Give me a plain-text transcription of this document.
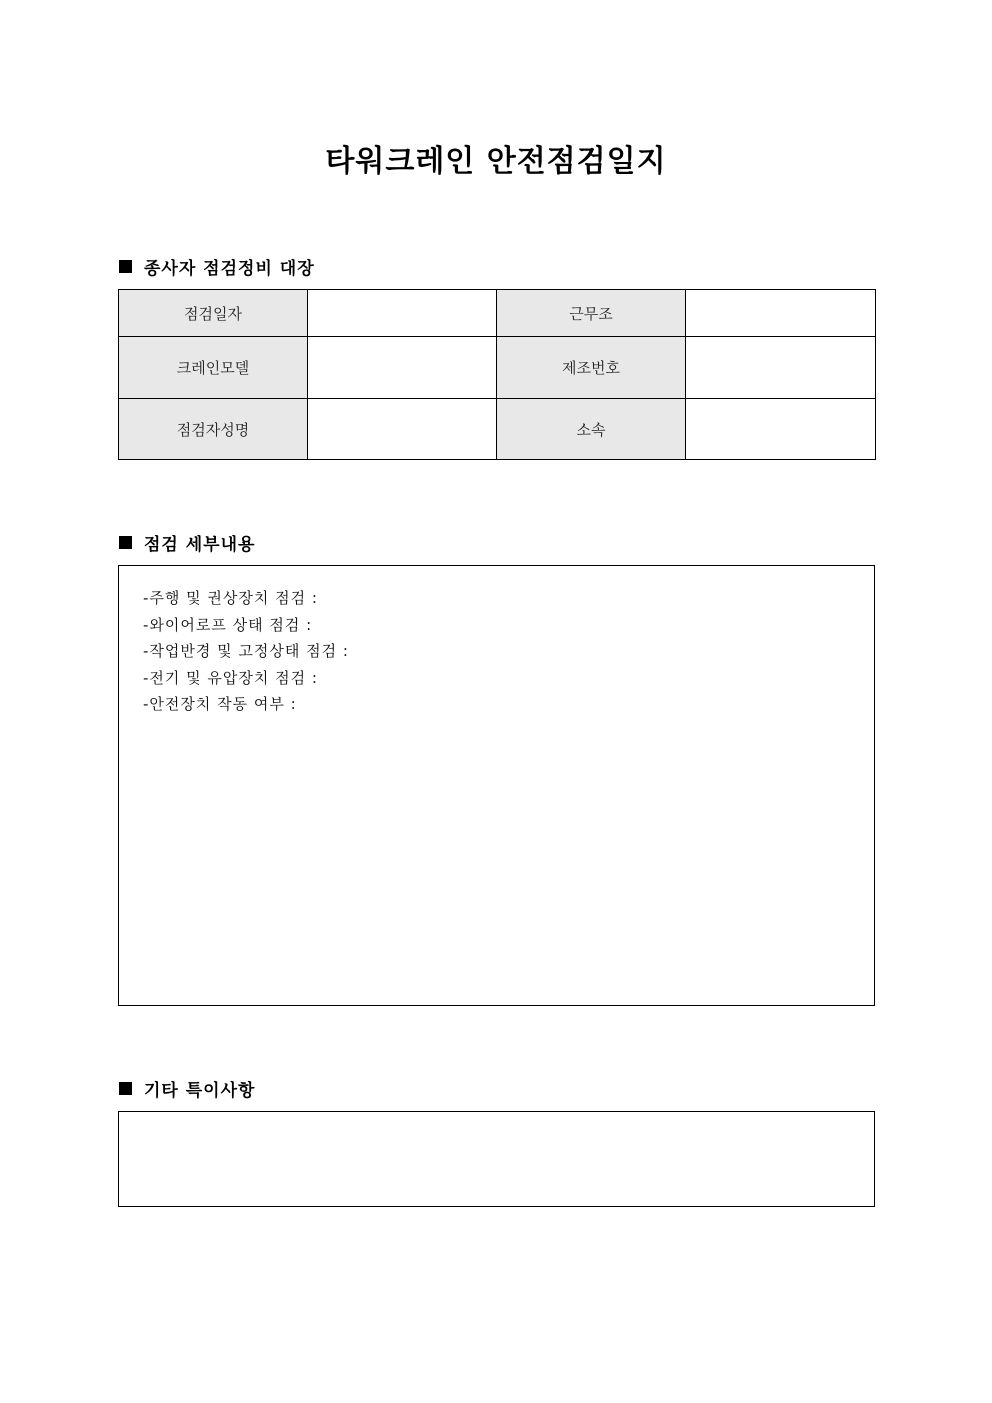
타워크레인 안전점검일지
종사자 점검정비 대장
점검일자		근무조	
크레인모델		제조번호	
점검자성명		소속	
점검 세부내용
-주행 및 권상장치 점검 :
-와이어로프 상태 점검 :
-작업반경 및 고정상태 점검 :
-전기 및 유압장치 점검 :
-안전장치 작동 여부 :
기타 특이사항
